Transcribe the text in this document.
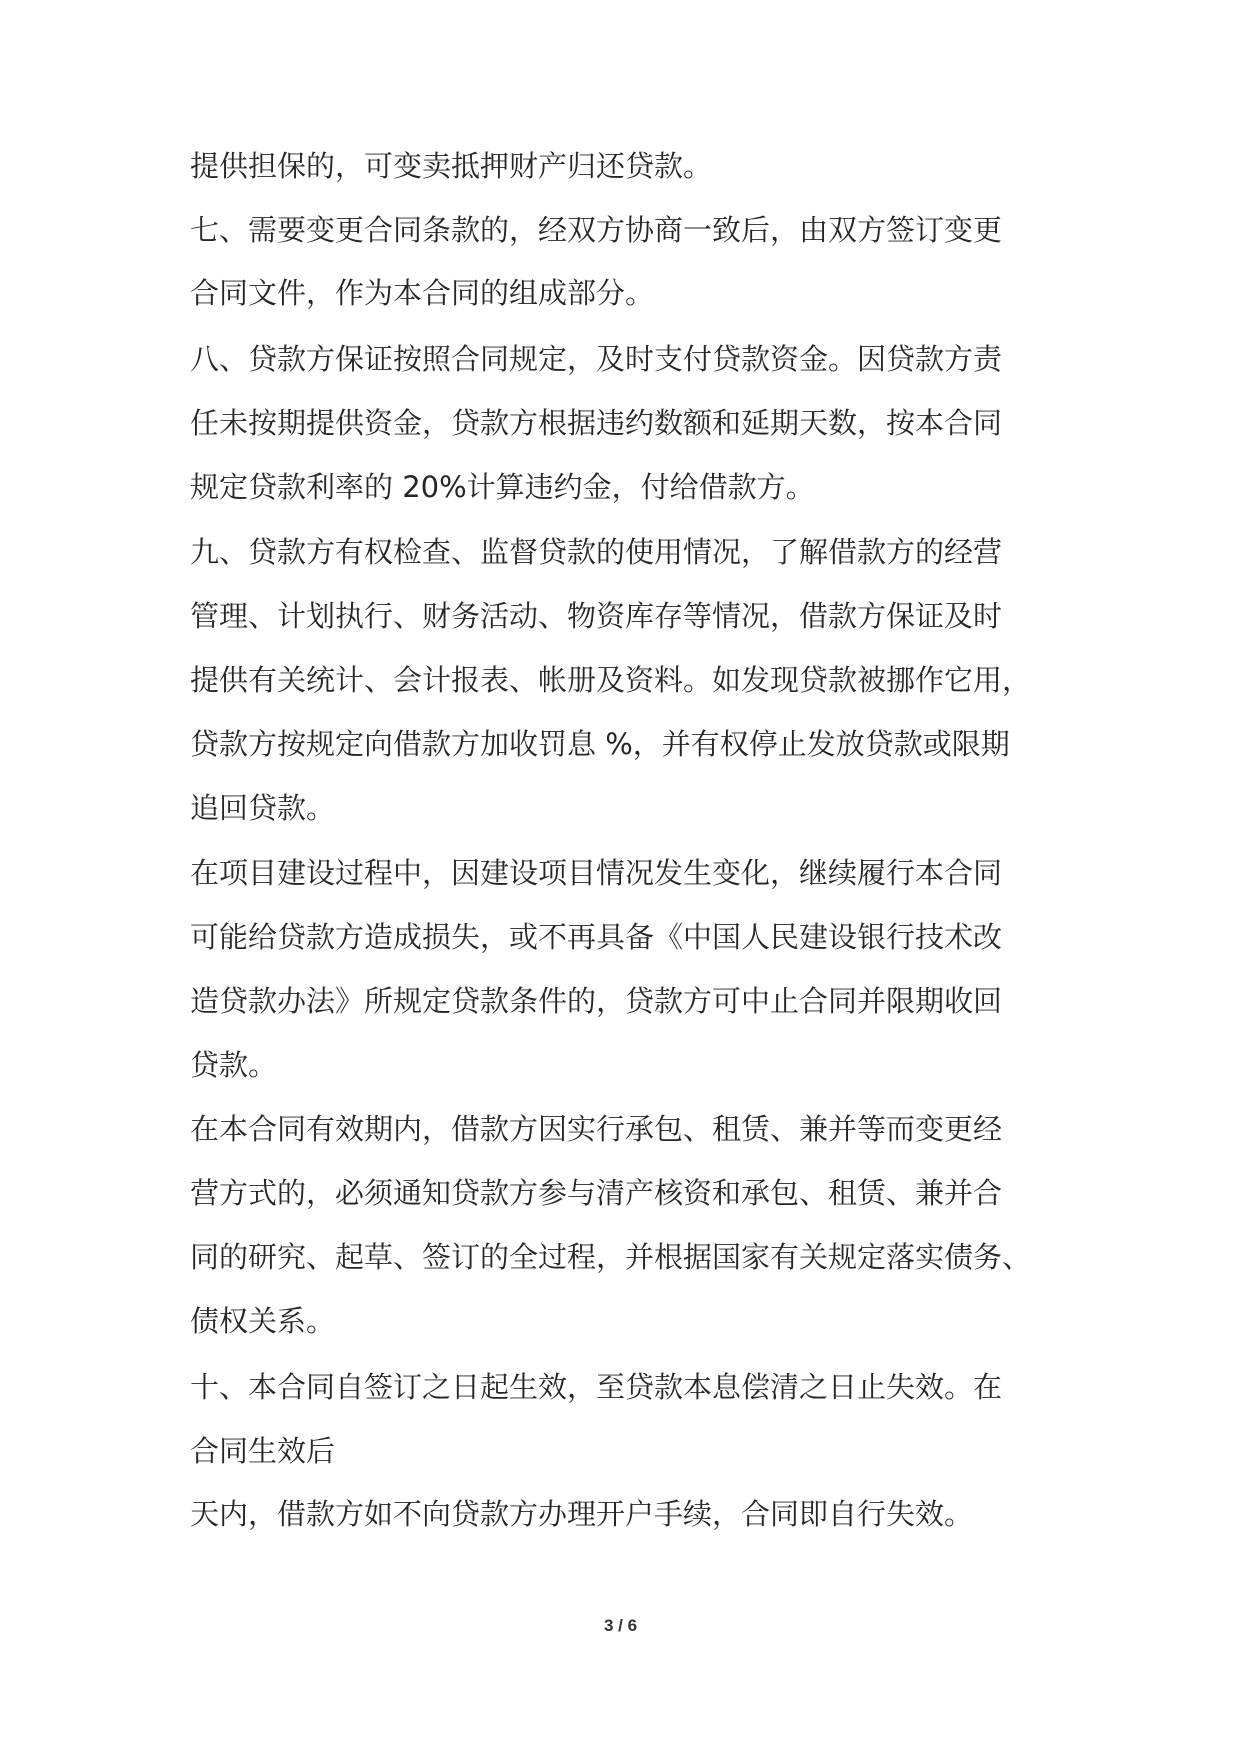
提供担保的，可变卖抵押财产归还贷款。
七、需要变更合同条款的，经双方协商一致后，由双方签订变更
合同文件，作为本合同的组成部分。
八、贷款方保证按照合同规定，及时支付贷款资金。因贷款方责
任未按期提供资金，贷款方根据违约数额和延期天数，按本合同
规定贷款利率的 20%计算违约金，付给借款方。
九、贷款方有权检查、监督贷款的使用情况，了解借款方的经营
管理、计划执行、财务活动、物资库存等情况，借款方保证及时
提供有关统计、会计报表、帐册及资料。如发现贷款被挪作它用，
贷款方按规定向借款方加收罚息 %，并有权停止发放贷款或限期
追回贷款。
在项目建设过程中，因建设项目情况发生变化，继续履行本合同
可能给贷款方造成损失，或不再具备《中国人民建设银行技术改
造贷款办法》所规定贷款条件的，贷款方可中止合同并限期收回
贷款。
在本合同有效期内，借款方因实行承包、租赁、兼并等而变更经
营方式的，必须通知贷款方参与清产核资和承包、租赁、兼并合
同的研究、起草、签订的全过程，并根据国家有关规定落实债务、
债权关系。
十、本合同自签订之日起生效，至贷款本息偿清之日止失效。在
合同生效后
天内，借款方如不向贷款方办理开户手续，合同即自行失效。
3 / 6
